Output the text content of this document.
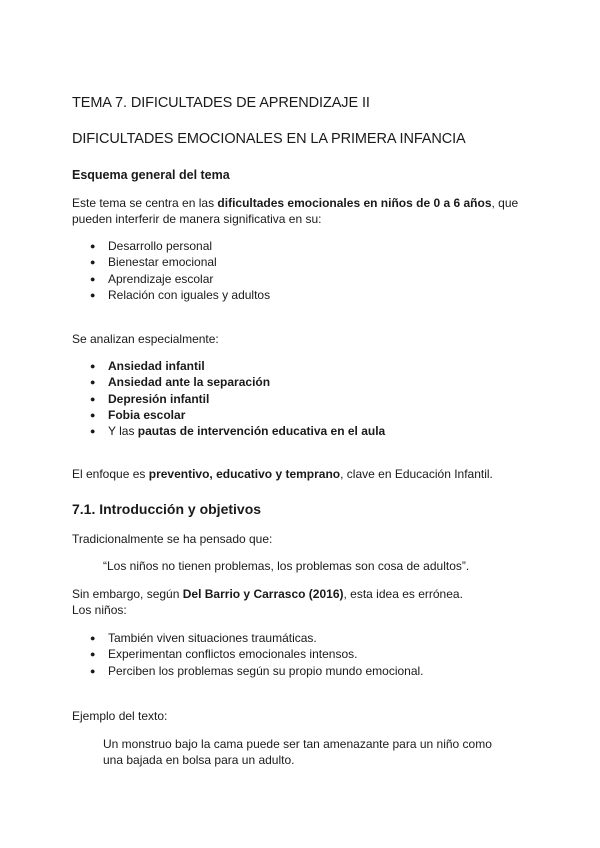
TEMA 7. DIFICULTADES DE APRENDIZAJE II
DIFICULTADES EMOCIONALES EN LA PRIMERA INFANCIA
Esquema general del tema
Este tema se centra en las dificultades emocionales en niños de 0 a 6 años, que
pueden interferir de manera significativa en su:
● Desarrollo personal
● Bienestar emocional
● Aprendizaje escolar
● Relación con iguales y adultos
Se analizan especialmente:
● Ansiedad infantil
● Ansiedad ante la separación
● Depresión infantil
● Fobia escolar
● Y las pautas de intervención educativa en el aula
El enfoque es preventivo, educativo y temprano, clave en Educación Infantil.
7.1. Introducción y objetivos
Tradicionalmente se ha pensado que:
“Los niños no tienen problemas, los problemas son cosa de adultos”.
Sin embargo, según Del Barrio y Carrasco (2016), esta idea es errónea.
Los niños:
● También viven situaciones traumáticas.
● Experimentan conflictos emocionales intensos.
● Perciben los problemas según su propio mundo emocional.
Ejemplo del texto:
Un monstruo bajo la cama puede ser tan amenazante para un niño como
una bajada en bolsa para un adulto.
